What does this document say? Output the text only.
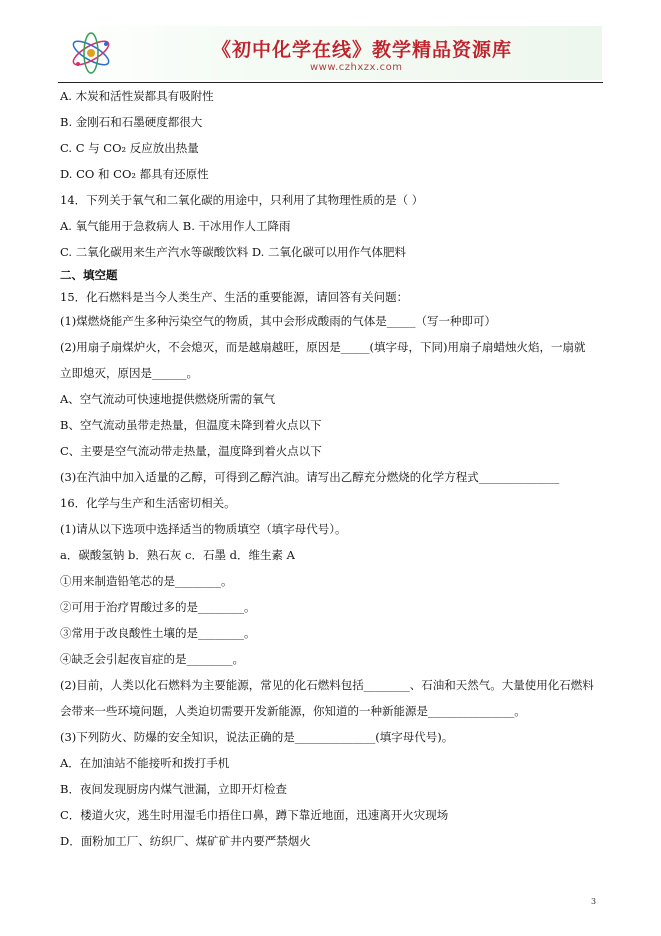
《初中化学在线》教学精品资源库
www.czhxzx.com
A. 木炭和活性炭都具有吸附性
B. 金刚石和石墨硬度都很大
C. C 与 CO₂ 反应放出热量
D. CO 和 CO₂ 都具有还原性
14．下列关于氧气和二氧化碳的用途中，只利用了其物理性质的是（ ）
A. 氧气能用于急救病人 B. 干冰用作人工降雨
C. 二氧化碳用来生产汽水等碳酸饮料 D. 二氧化碳可以用作气体肥料
二、填空题
15．化石燃料是当今人类生产、生活的重要能源，请回答有关问题：
(1)煤燃烧能产生多种污染空气的物质，其中会形成酸雨的气体是_____（写一种即可）
(2)用扇子扇煤炉火，不会熄灭，而是越扇越旺，原因是_____(填字母，下同)用扇子扇蜡烛火焰，一扇就
立即熄灭，原因是______。
A、空气流动可快速地提供燃烧所需的氧气
B、空气流动虽带走热量，但温度未降到着火点以下
C、主要是空气流动带走热量，温度降到着火点以下
(3)在汽油中加入适量的乙醇，可得到乙醇汽油。请写出乙醇充分燃烧的化学方程式______________
16．化学与生产和生活密切相关。
(1)请从以下选项中选择适当的物质填空（填字母代号）。
a．碳酸氢钠 b．熟石灰 c．石墨 d．维生素 A
①用来制造铅笔芯的是________。
②可用于治疗胃酸过多的是________。
③常用于改良酸性土壤的是________。
④缺乏会引起夜盲症的是________。
(2)目前，人类以化石燃料为主要能源，常见的化石燃料包括________、石油和天然气。大量使用化石燃料
会带来一些环境问题，人类迫切需要开发新能源，你知道的一种新能源是_______________。
(3)下列防火、防爆的安全知识，说法正确的是______________(填字母代号)。
A．在加油站不能接听和拨打手机
B．夜间发现厨房内煤气泄漏，立即开灯检查
C．楼道火灾，逃生时用湿毛巾捂住口鼻，蹲下靠近地面，迅速离开火灾现场
D．面粉加工厂、纺织厂、煤矿矿井内要严禁烟火
3
